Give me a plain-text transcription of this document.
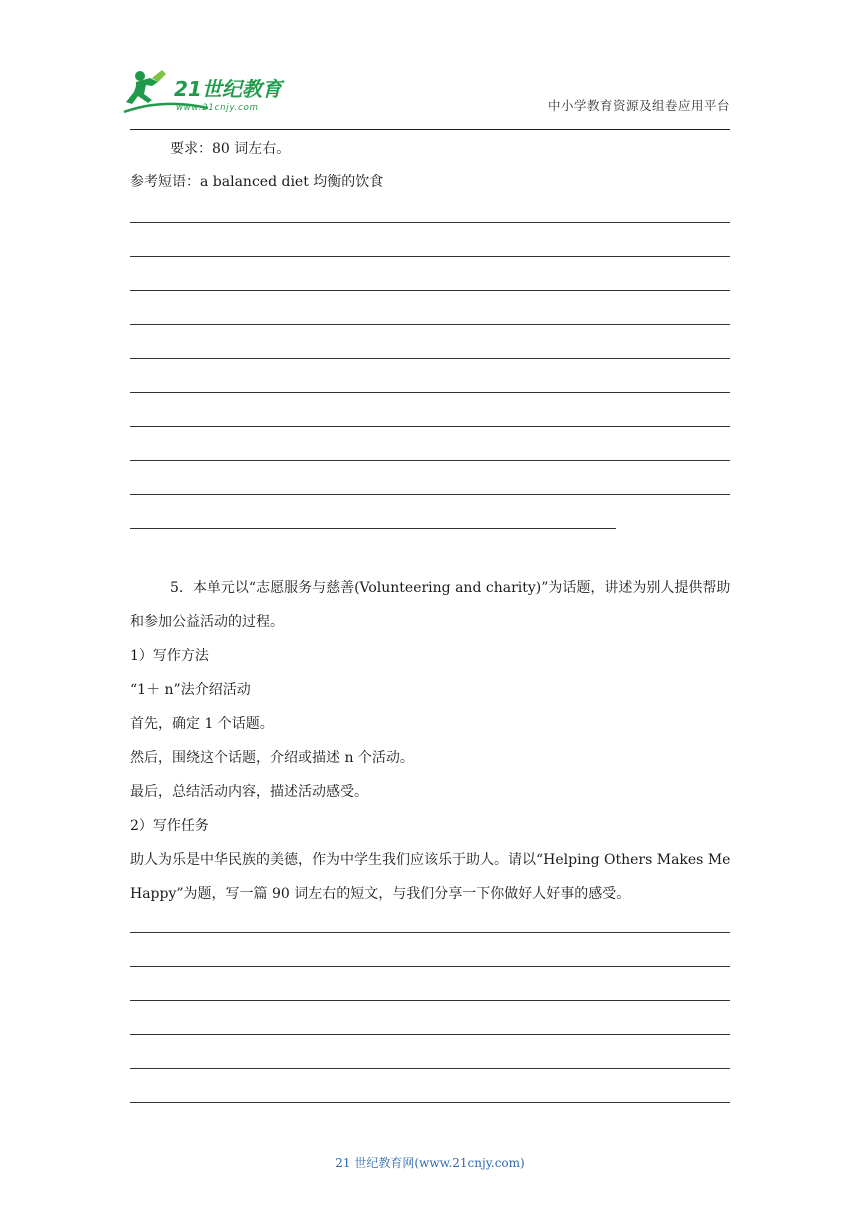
21世纪教育
www.21cnjy.com	中小学教育资源及组卷应用平台
要求：80 词左右。
参考短语：a balanced diet 均衡的饮食
5．本单元以“志愿服务与慈善(Volunteering and charity)”为话题，讲述为别人提供帮助
和参加公益活动的过程。
1）写作方法
“1＋ n”法介绍活动
首先，确定 1 个话题。
然后，围绕这个话题，介绍或描述 n 个活动。
最后，总结活动内容，描述活动感受。
2）写作任务
助人为乐是中华民族的美德，作为中学生我们应该乐于助人。请以“Helping Others Makes Me
Happy”为题，写一篇 90 词左右的短文，与我们分享一下你做好人好事的感受。
21 世纪教育网(www.21cnjy.com)
